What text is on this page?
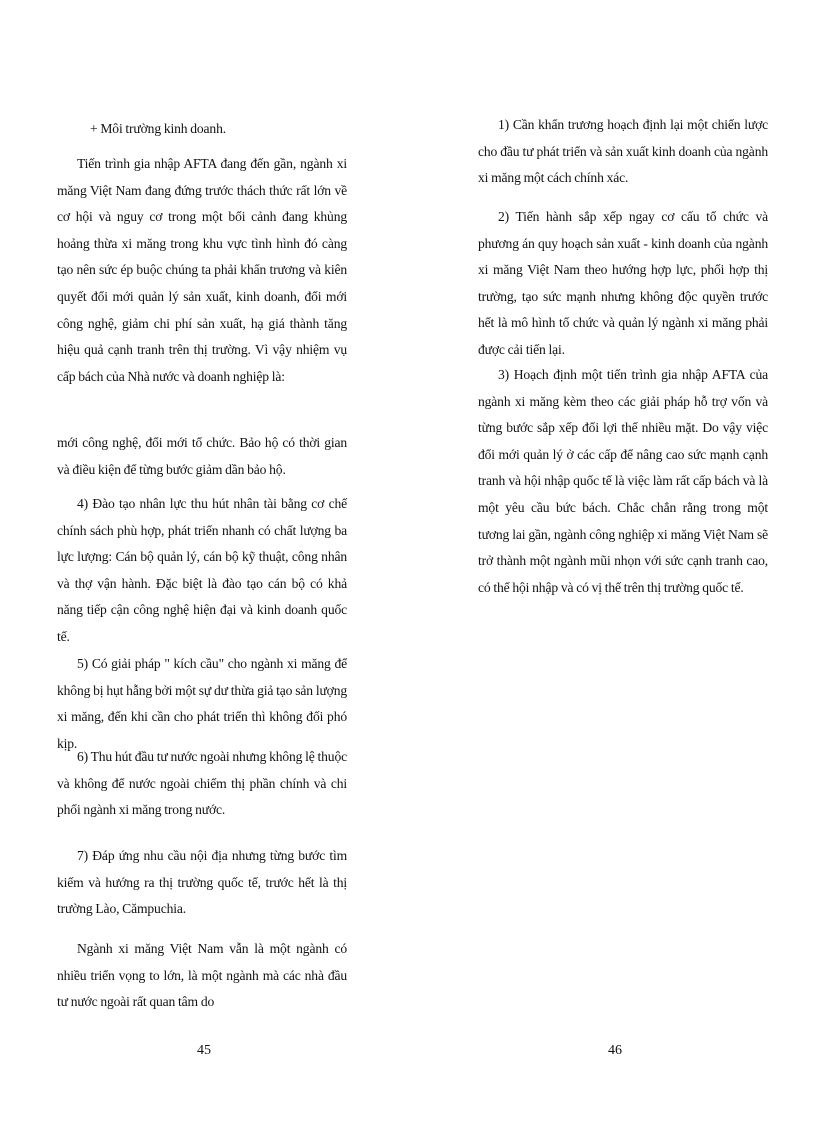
+ Môi trường kinh doanh.

Tiến trình gia nhập AFTA đang đến gần, ngành xi măng Việt Nam đang đứng trước thách thức rất lớn về cơ hội và nguy cơ trong một bối cảnh đang khủng hoảng thừa xi măng trong khu vực tình hình đó càng tạo nên sức ép buộc chúng ta phải khẩn trương và kiên quyết đổi mới quản lý sản xuất, kinh doanh, đổi mới công nghệ, giảm chi phí sản xuất, hạ giá thành tăng hiệu quả cạnh tranh trên thị trường. Vì vậy nhiệm vụ cấp bách của Nhà nước và doanh nghiệp là:

mới công nghệ, đổi mới tổ chức. Bảo hộ có thời gian và điều kiện để từng bước giảm dần bảo hộ.

4) Đào tạo nhân lực thu hút nhân tài bằng cơ chế chính sách phù hợp, phát triển nhanh có chất lượng ba lực lượng: Cán bộ quản lý, cán bộ kỹ thuật, công nhân và thợ vận hành. Đặc biệt là đào tạo cán bộ có khả năng tiếp cận công nghệ hiện đại và kinh doanh quốc tế.

5) Có giải pháp " kích cầu" cho ngành xi măng để không bị hụt hẫng bởi một sự dư thừa giả tạo sản lượng xi măng, đến khi cần cho phát triển thì không đối phó kịp.

6) Thu hút đầu tư nước ngoài nhưng không lệ thuộc và không để nước ngoài chiếm thị phần chính và chi phối ngành xi măng trong nước.

7) Đáp ứng nhu cầu nội địa nhưng từng bước tìm kiếm và hướng ra thị trường quốc tế, trước hết là thị trường Lào, Cămpuchia.

Ngành xi măng Việt Nam vẫn là một ngành có nhiều triển vọng to lớn, là một ngành mà các nhà đầu tư nước ngoài rất quan tâm do

45

1) Cần khẩn trương hoạch định lại một chiến lược cho đầu tư phát triển và sản xuất kinh doanh của ngành xi măng một cách chính xác.

2) Tiến hành sắp xếp ngay cơ cấu tổ chức và phương án quy hoạch sản xuất - kinh doanh của ngành xi măng Việt Nam theo hướng hợp lực, phối hợp thị trường, tạo sức mạnh nhưng không độc quyền trước hết là mô hình tổ chức và quản lý ngành xi măng phải được cải tiến lại.

3) Hoạch định một tiến trình gia nhập AFTA của ngành xi măng kèm theo các giải pháp hỗ trợ vốn và từng bước sắp xếp đổi lợi thế nhiều mặt. Do vậy việc đổi mới quản lý ở các cấp để nâng cao sức mạnh cạnh tranh và hội nhập quốc tế là việc làm rất cấp bách và là một yêu cầu bức bách. Chắc chắn rằng trong một tương lai gần, ngành công nghiệp xi măng Việt Nam sẽ trở thành một ngành mũi nhọn với sức cạnh tranh cao, có thể hội nhập và có vị thế trên thị trường quốc tế.

46
